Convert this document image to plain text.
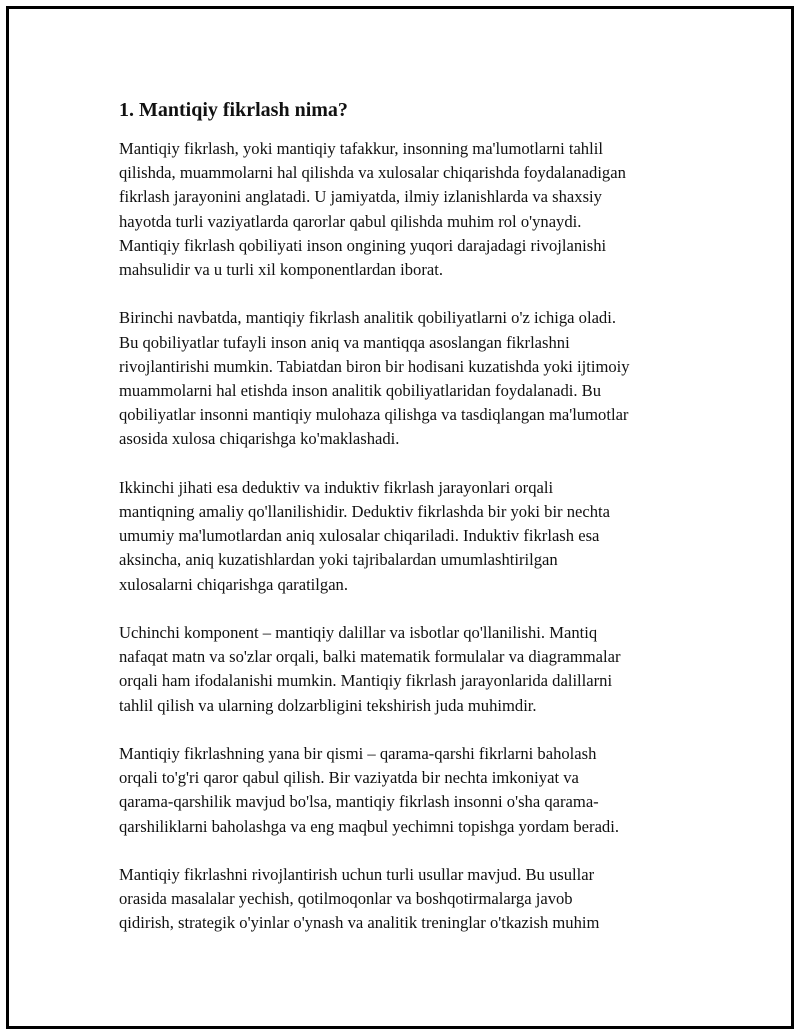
1. Mantiqiy fikrlash nima?

Mantiqiy fikrlash, yoki mantiqiy tafakkur, insonning ma'lumotlarni tahlil
qilishda, muammolarni hal qilishda va xulosalar chiqarishda foydalanadigan
fikrlash jarayonini anglatadi. U jamiyatda, ilmiy izlanishlarda va shaxsiy
hayotda turli vaziyatlarda qarorlar qabul qilishda muhim rol o'ynaydi.
Mantiqiy fikrlash qobiliyati inson ongining yuqori darajadagi rivojlanishi
mahsulidir va u turli xil komponentlardan iborat.

Birinchi navbatda, mantiqiy fikrlash analitik qobiliyatlarni o'z ichiga oladi.
Bu qobiliyatlar tufayli inson aniq va mantiqqa asoslangan fikrlashni
rivojlantirishi mumkin. Tabiatdan biron bir hodisani kuzatishda yoki ijtimoiy
muammolarni hal etishda inson analitik qobiliyatlaridan foydalanadi. Bu
qobiliyatlar insonni mantiqiy mulohaza qilishga va tasdiqlangan ma'lumotlar
asosida xulosa chiqarishga ko'maklashadi.

Ikkinchi jihati esa deduktiv va induktiv fikrlash jarayonlari orqali
mantiqning amaliy qo'llanilishidir. Deduktiv fikrlashda bir yoki bir nechta
umumiy ma'lumotlardan aniq xulosalar chiqariladi. Induktiv fikrlash esa
aksincha, aniq kuzatishlardan yoki tajribalardan umumlashtirilgan
xulosalarni chiqarishga qaratilgan.

Uchinchi komponent – mantiqiy dalillar va isbotlar qo'llanilishi. Mantiq
nafaqat matn va so'zlar orqali, balki matematik formulalar va diagrammalar
orqali ham ifodalanishi mumkin. Mantiqiy fikrlash jarayonlarida dalillarni
tahlil qilish va ularning dolzarbligini tekshirish juda muhimdir.

Mantiqiy fikrlashning yana bir qismi – qarama-qarshi fikrlarni baholash
orqali to'g'ri qaror qabul qilish. Bir vaziyatda bir nechta imkoniyat va
qarama-qarshilik mavjud bo'lsa, mantiqiy fikrlash insonni o'sha qarama-
qarshiliklarni baholashga va eng maqbul yechimni topishga yordam beradi.

Mantiqiy fikrlashni rivojlantirish uchun turli usullar mavjud. Bu usullar
orasida masalalar yechish, qotilmoqonlar va boshqotirmalarga javob
qidirish, strategik o'yinlar o'ynash va analitik treninglar o'tkazish muhim
